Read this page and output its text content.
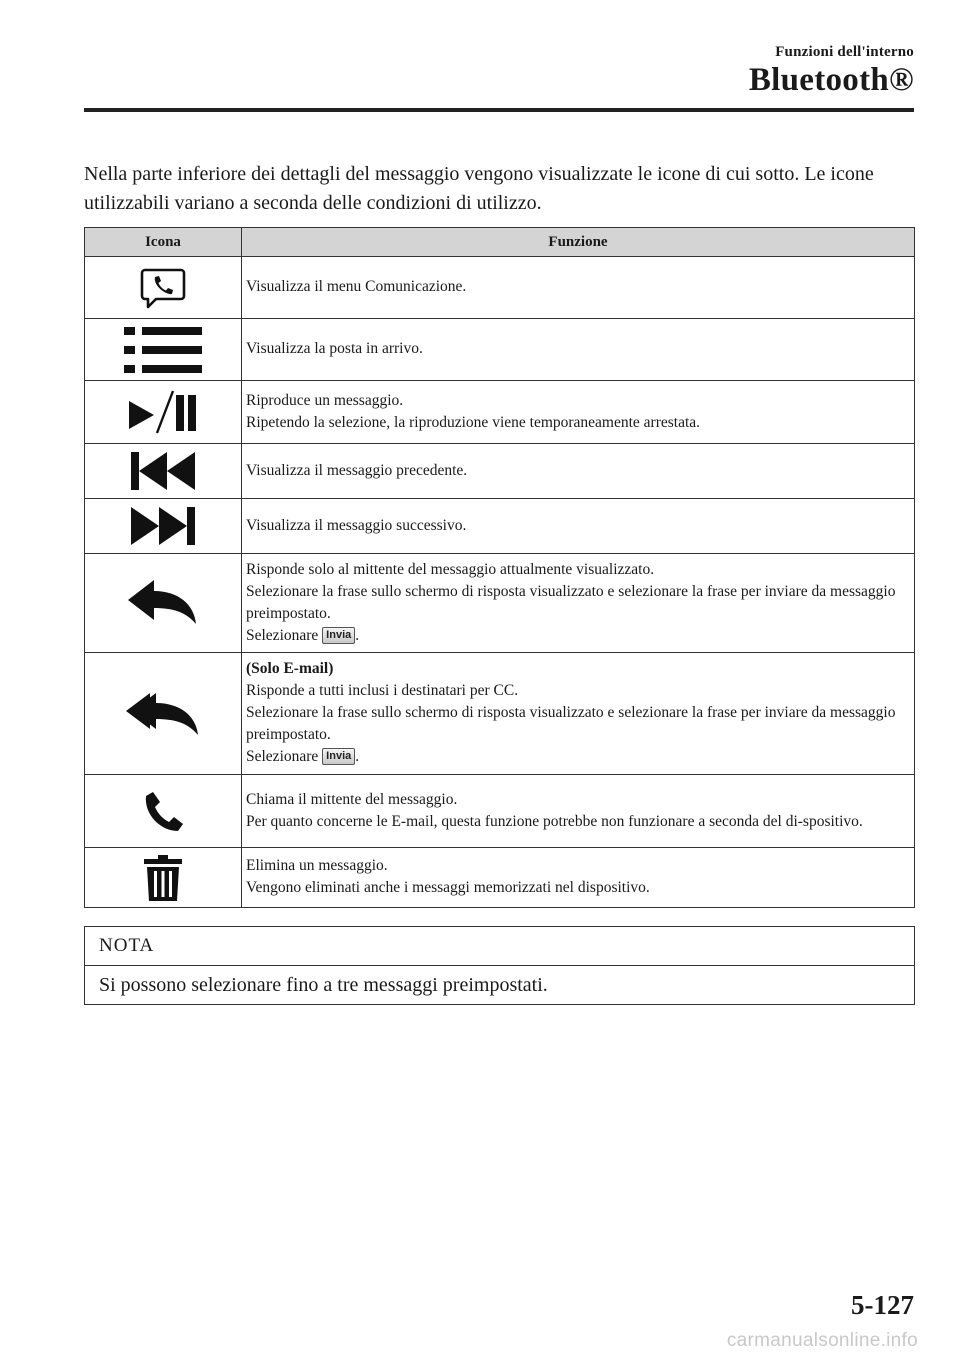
Funzioni dell'interno
Bluetooth®
Nella parte inferiore dei dettagli del messaggio vengono visualizzate le icone di cui sotto. Le icone utilizzabili variano a seconda delle condizioni di utilizzo.
Icona	Funzione

Visualizza il menu Comunicazione.

Visualizza la posta in arrivo.

Riproduce un messaggio.
Ripetendo la selezione, la riproduzione viene temporaneamente arrestata.

Visualizza il messaggio precedente.

Visualizza il messaggio successivo.

Risponde solo al mittente del messaggio attualmente visualizzato.
Selezionare la frase sullo schermo di risposta visualizzato e selezionare la frase per inviare da messaggio preimpostato.
Selezionare Invia .

(Solo E-mail)
Risponde a tutti inclusi i destinatari per CC.
Selezionare la frase sullo schermo di risposta visualizzato e selezionare la frase per inviare da messaggio preimpostato.
Selezionare Invia .

Chiama il mittente del messaggio.
Per quanto concerne le E-mail, questa funzione potrebbe non funzionare a seconda del di-spositivo.

Elimina un messaggio.
Vengono eliminati anche i messaggi memorizzati nel dispositivo.
NOTA
Si possono selezionare fino a tre messaggi preimpostati.
5-127
carmanualsonline.info
